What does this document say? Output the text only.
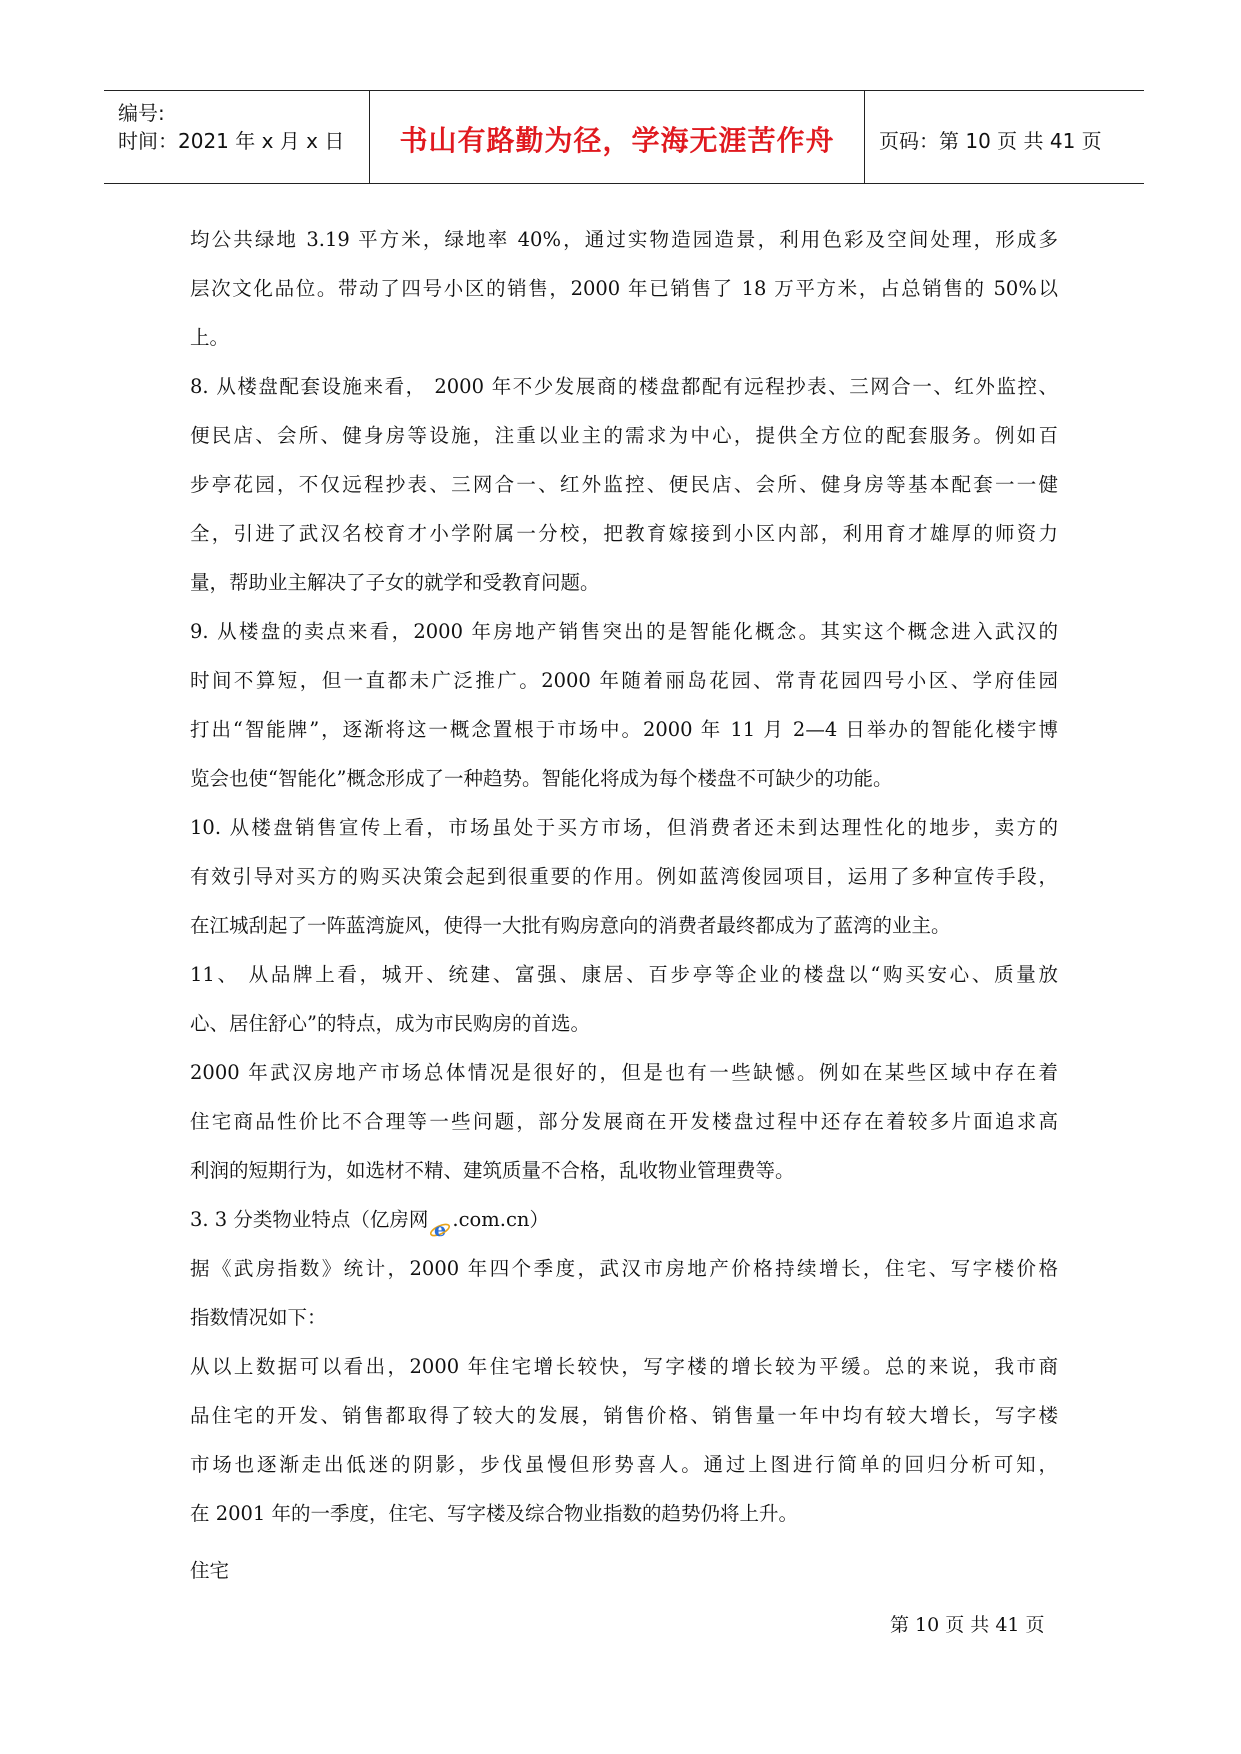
编号:
时间：2021 年 x 月 x 日	书山有路勤为径，学海无涯苦作舟	页码：第 10 页 共 41 页
均公共绿地 3.19 平方米，绿地率 40%，通过实物造园造景，利用色彩及空间处理，形成多
层次文化品位。带动了四号小区的销售，2000 年已销售了 18 万平方米，占总销售的 50%以
上。
8. 从楼盘配套设施来看， 2000 年不少发展商的楼盘都配有远程抄表、三网合一、红外监控、
便民店、会所、健身房等设施，注重以业主的需求为中心，提供全方位的配套服务。例如百
步亭花园，不仅远程抄表、三网合一、红外监控、便民店、会所、健身房等基本配套一一健
全，引进了武汉名校育才小学附属一分校，把教育嫁接到小区内部，利用育才雄厚的师资力
量，帮助业主解决了子女的就学和受教育问题。
9. 从楼盘的卖点来看，2000 年房地产销售突出的是智能化概念。其实这个概念进入武汉的
时间不算短，但一直都未广泛推广。2000 年随着丽岛花园、常青花园四号小区、学府佳园
打出“智能牌”，逐渐将这一概念置根于市场中。2000 年 11 月 2—4 日举办的智能化楼宇博
览会也使“智能化”概念形成了一种趋势。智能化将成为每个楼盘不可缺少的功能。
10. 从楼盘销售宣传上看，市场虽处于买方市场，但消费者还未到达理性化的地步，卖方的
有效引导对买方的购买决策会起到很重要的作用。例如蓝湾俊园项目，运用了多种宣传手段，
在江城刮起了一阵蓝湾旋风，使得一大批有购房意向的消费者最终都成为了蓝湾的业主。
11、 从品牌上看，城开、统建、富强、康居、百步亭等企业的楼盘以“购买安心、质量放
心、居住舒心”的特点，成为市民购房的首选。
2000 年武汉房地产市场总体情况是很好的，但是也有一些缺憾。例如在某些区域中存在着
住宅商品性价比不合理等一些问题，部分发展商在开发楼盘过程中还存在着较多片面追求高
利润的短期行为，如选材不精、建筑质量不合格，乱收物业管理费等。
3. 3 分类物业特点（亿房网 e .com.cn）
据《武房指数》统计，2000 年四个季度，武汉市房地产价格持续增长，住宅、写字楼价格
指数情况如下：
从以上数据可以看出，2000 年住宅增长较快，写字楼的增长较为平缓。总的来说，我市商
品住宅的开发、销售都取得了较大的发展，销售价格、销售量一年中均有较大增长，写字楼
市场也逐渐走出低迷的阴影，步伐虽慢但形势喜人。通过上图进行简单的回归分析可知，
在 2001 年的一季度，住宅、写字楼及综合物业指数的趋势仍将上升。
住宅
第 10 页 共 41 页
